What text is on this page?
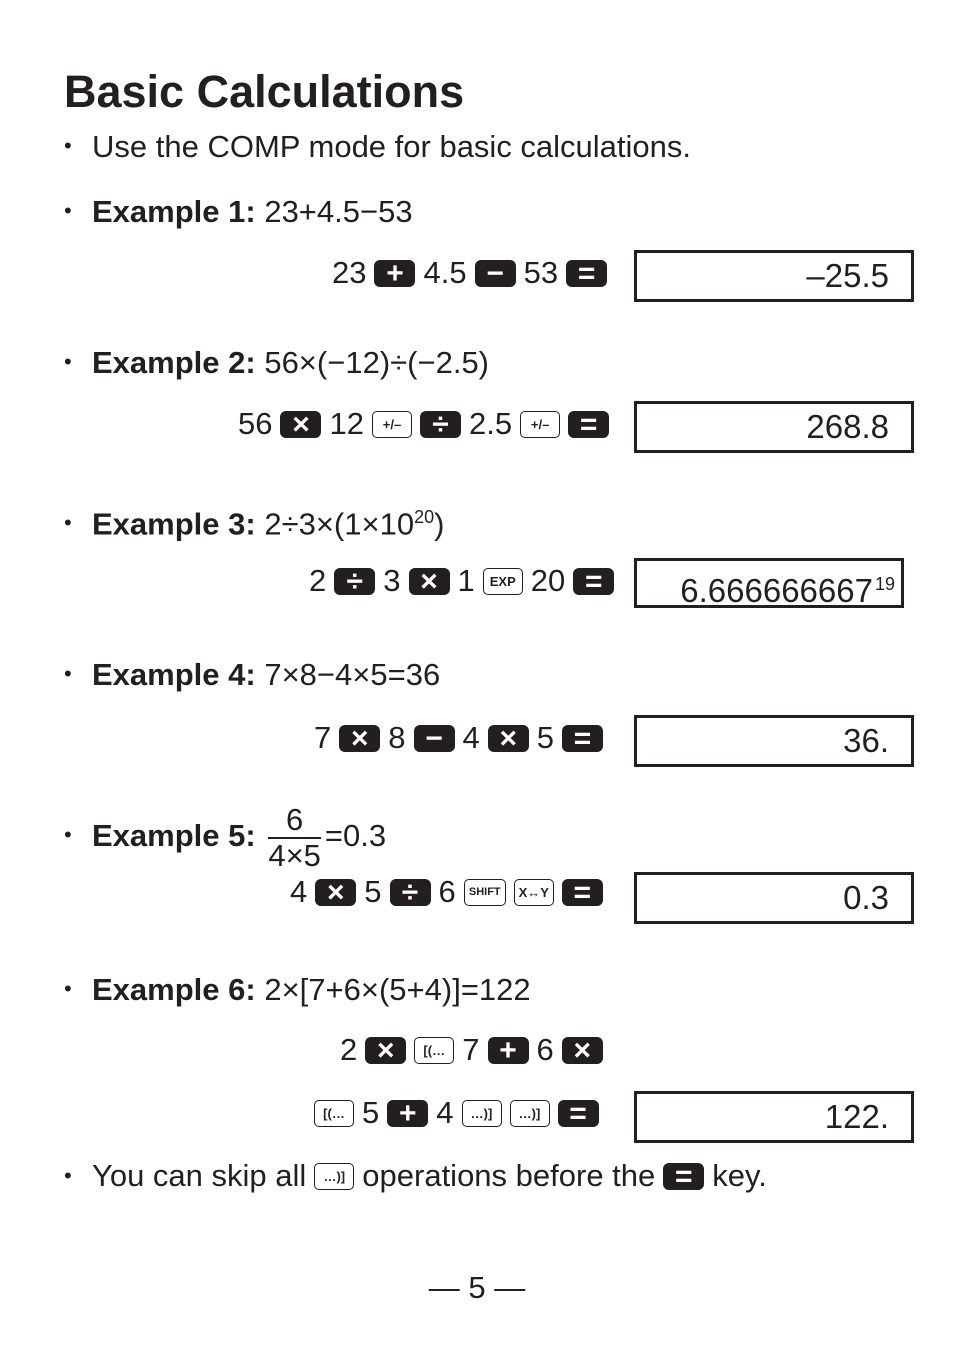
Basic Calculations
• Use the COMP mode for basic calculations.
• Example 1: 23+4.5−53
23 + 4.5 − 53 =	–25.5
• Example 2: 56×(−12)÷(−2.5)
56 × 12	+/–	÷ 2.5	+/–	=	268.8
• Example 3: $2\div 3\times(1\times 10^{20})$
2 ÷ 3 × 1	EXP 20 =	6.666666667 $^{19}$
• Example 4: 7×8−4×5=36
7 × 8 − 4 × 5 =	36.
• Example 5: $\frac{6}{4\times 5} =0.3$
4 × 5 ÷ 6	SHIFT	X↔Y =	0.3
• Example 6: 2×[7+6×(5+4)]=122
2 ×	[(… 7 + 6 ×
[(… 5 + 4	…)]	…)] =	122.
• You can skip all	…)] operations before the = key.
— 5 —
